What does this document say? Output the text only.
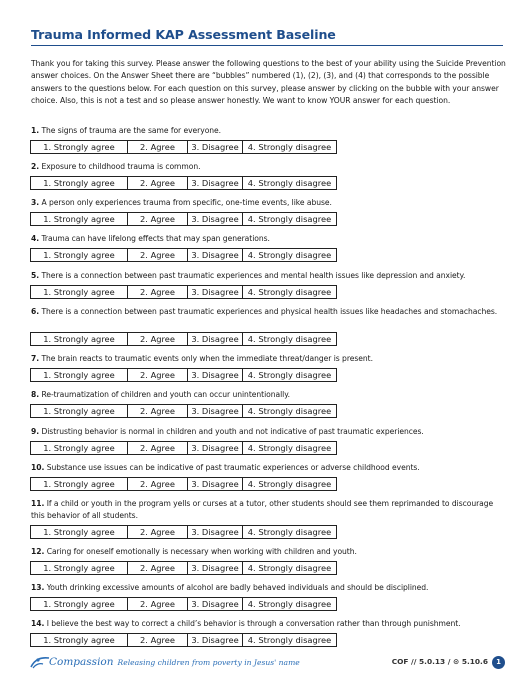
Trauma Informed KAP Assessment Baseline
Thank you for taking this survey. Please answer the following questions to the best of your ability using the Suicide Prevention answer choices. On the Answer Sheet there are “bubbles” numbered (1), (2), (3), and (4) that corresponds to the possible answers to the questions below. For each question on this survey, please answer by clicking on the bubble with your answer choice. Also, this is not a test and so please answer honestly. We want to know YOUR answer for each question.
1. The signs of trauma are the same for everyone.
1. Strongly agree	2. Agree	3. Disagree	4. Strongly disagree
2. Exposure to childhood trauma is common.
1. Strongly agree	2. Agree	3. Disagree	4. Strongly disagree
3. A person only experiences trauma from specific, one-time events, like abuse.
1. Strongly agree	2. Agree	3. Disagree	4. Strongly disagree
4. Trauma can have lifelong effects that may span generations.
1. Strongly agree	2. Agree	3. Disagree	4. Strongly disagree
5. There is a connection between past traumatic experiences and mental health issues like depression and anxiety.
1. Strongly agree	2. Agree	3. Disagree	4. Strongly disagree
6. There is a connection between past traumatic experiences and physical health issues like headaches and stomachaches.
1. Strongly agree	2. Agree	3. Disagree	4. Strongly disagree
7. The brain reacts to traumatic events only when the immediate threat/danger is present.
1. Strongly agree	2. Agree	3. Disagree	4. Strongly disagree
8. Re-traumatization of children and youth can occur unintentionally.
1. Strongly agree	2. Agree	3. Disagree	4. Strongly disagree
9. Distrusting behavior is normal in children and youth and not indicative of past traumatic experiences.
1. Strongly agree	2. Agree	3. Disagree	4. Strongly disagree
10. Substance use issues can be indicative of past traumatic experiences or adverse childhood events.
1. Strongly agree	2. Agree	3. Disagree	4. Strongly disagree
11. If a child or youth in the program yells or curses at a tutor, other students should see them reprimanded to discourage this behavior of all students.
1. Strongly agree	2. Agree	3. Disagree	4. Strongly disagree
12. Caring for oneself emotionally is necessary when working with children and youth.
1. Strongly agree	2. Agree	3. Disagree	4. Strongly disagree
13. Youth drinking excessive amounts of alcohol are badly behaved individuals and should be disciplined.
1. Strongly agree	2. Agree	3. Disagree	4. Strongly disagree
14. I believe the best way to correct a child’s behavior is through a conversation rather than through punishment.
1. Strongly agree	2. Agree	3. Disagree	4. Strongly disagree
Compassion Releasing children from poverty in Jesus' name	COF // 5.0.13 / ⊙ 5.10.6	1
